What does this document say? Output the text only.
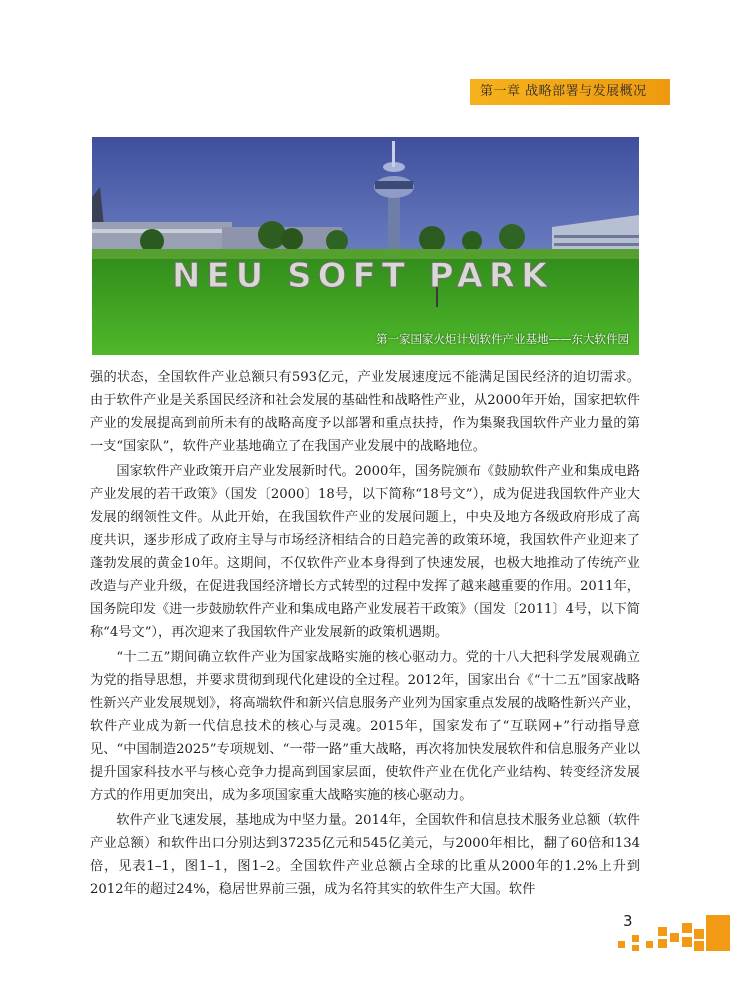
第一章 战略部署与发展概况
NEU SOFT PARK
第一家国家火炬计划软件产业基地——东大软件园

强的状态，全国软件产业总额只有593亿元，产业发展速度远不能满足国民经济的迫切需求。由于软件产业是关系国民经济和社会发展的基础性和战略性产业，从2000年开始，国家把软件产业的发展提高到前所未有的战略高度予以部署和重点扶持，作为集聚我国软件产业力量的第一支“国家队”，软件产业基地确立了在我国产业发展中的战略地位。

国家软件产业政策开启产业发展新时代。2000年，国务院颁布《鼓励软件产业和集成电路产业发展的若干政策》（国发〔2000〕18号，以下简称“18号文”），成为促进我国软件产业大发展的纲领性文件。从此开始，在我国软件产业的发展问题上，中央及地方各级政府形成了高度共识，逐步形成了政府主导与市场经济相结合的日趋完善的政策环境，我国软件产业迎来了蓬勃发展的黄金10年。这期间，不仅软件产业本身得到了快速发展，也极大地推动了传统产业改造与产业升级，在促进我国经济增长方式转型的过程中发挥了越来越重要的作用。2011年，国务院印发《进一步鼓励软件产业和集成电路产业发展若干政策》（国发〔2011〕4号，以下简称“4号文”），再次迎来了我国软件产业发展新的政策机遇期。

“十二五”期间确立软件产业为国家战略实施的核心驱动力。党的十八大把科学发展观确立为党的指导思想，并要求贯彻到现代化建设的全过程。2012年，国家出台《“十二五”国家战略性新兴产业发展规划》，将高端软件和新兴信息服务产业列为国家重点发展的战略性新兴产业，软件产业成为新一代信息技术的核心与灵魂。2015年，国家发布了“互联网+”行动指导意见、“中国制造2025”专项规划、“一带一路”重大战略，再次将加快发展软件和信息服务产业以提升国家科技水平与核心竞争力提高到国家层面，使软件产业在优化产业结构、转变经济发展方式的作用更加突出，成为多项国家重大战略实施的核心驱动力。

软件产业飞速发展，基地成为中坚力量。2014年，全国软件和信息技术服务业总额（软件产业总额）和软件出口分别达到37235亿元和545亿美元，与2000年相比，翻了60倍和134倍，见表1–1，图1–1，图1–2。全国软件产业总额占全球的比重从2000年的1.2%上升到2012年的超过24%，稳居世界前三强，成为名符其实的软件生产大国。软件

3
